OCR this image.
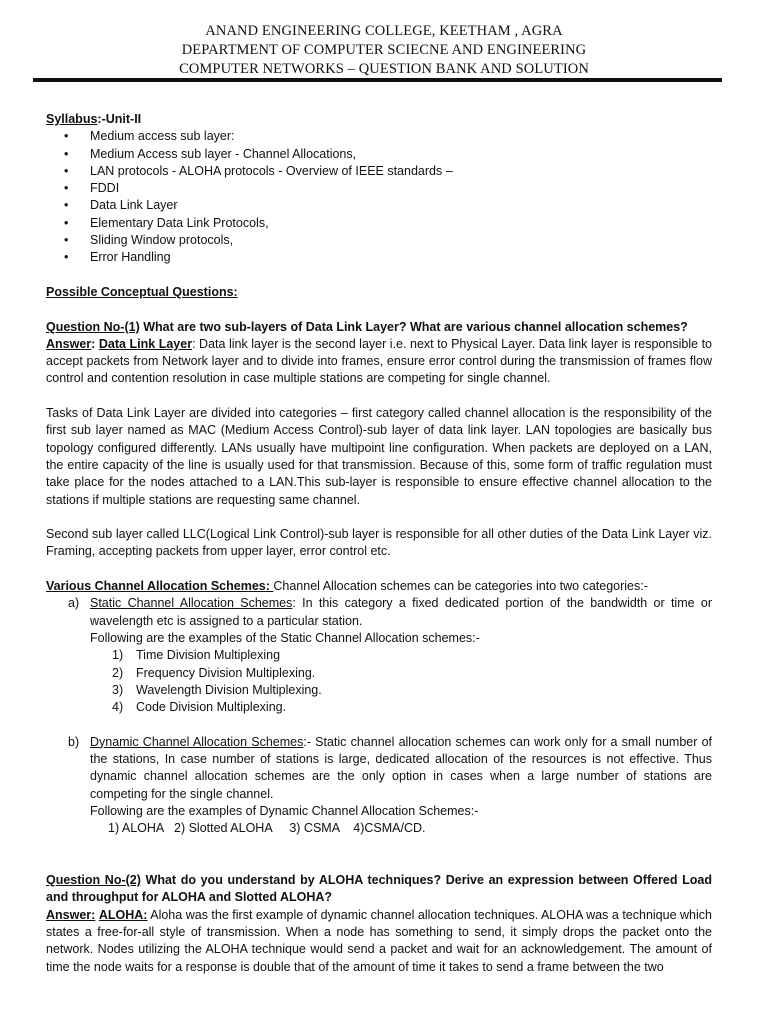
ANAND ENGINEERING COLLEGE, KEETHAM , AGRA
DEPARTMENT OF COMPUTER SCIECNE AND ENGINEERING
COMPUTER NETWORKS – QUESTION BANK AND SOLUTION

Syllabus:-Unit-II

• Medium access sub layer:
• Medium Access sub layer - Channel Allocations,
• LAN protocols - ALOHA protocols - Overview of IEEE standards –
• FDDI
• Data Link Layer
• Elementary Data Link Protocols,
• Sliding Window protocols,
• Error Handling

Possible Conceptual Questions:

Question No-(1) What are two sub-layers of Data Link Layer? What are various channel allocation schemes?

Answer: Data Link Layer: Data link layer is the second layer i.e. next to Physical Layer. Data link layer is responsible to accept packets from Network layer and to divide into frames, ensure error control during the transmission of frames flow control and contention resolution in case multiple stations are competing for single channel.

Tasks of Data Link Layer are divided into categories – first category called channel allocation is the responsibility of the first sub layer named as MAC (Medium Access Control)-sub layer of data link layer. LAN topologies are basically bus topology configured differently. LANs usually have multipoint line configuration. When packets are deployed on a LAN, the entire capacity of the line is usually used for that transmission. Because of this, some form of traffic regulation must take place for the nodes attached to a LAN.This sub-layer is responsible to ensure effective channel allocation to the stations if multiple stations are requesting same channel.

Second sub layer called LLC(Logical Link Control)-sub layer is responsible for all other duties of the Data Link Layer viz. Framing, accepting packets from upper layer, error control etc.

Various Channel Allocation Schemes: Channel Allocation schemes can be categories into two categories:-

a) Static Channel Allocation Schemes: In this category a fixed dedicated portion of the bandwidth or time or wavelength etc is assigned to a particular station.

Following are the examples of the Static Channel Allocation schemes:-

1) Time Division Multiplexing
2) Frequency Division Multiplexing.
3) Wavelength Division Multiplexing.
4) Code Division Multiplexing.
b) Dynamic Channel Allocation Schemes:- Static channel allocation schemes can work only for a small number of the stations, In case number of stations is large, dedicated allocation of the resources is not effective. Thus dynamic channel allocation schemes are the only option in cases when a large number of stations are competing for the single channel.

Following are the examples of Dynamic Channel Allocation Schemes:-

1) ALOHA   2) Slotted ALOHA     3) CSMA    4)CSMA/CD.

Question No-(2) What do you understand by ALOHA techniques? Derive an expression between Offered Load and throughput for ALOHA and Slotted ALOHA?

Answer: ALOHA: Aloha was the first example of dynamic channel allocation techniques. ALOHA was a technique which states a free-for-all style of transmission. When a node has something to send, it simply drops the packet onto the network. Nodes utilizing the ALOHA technique would send a packet and wait for an acknowledgement. The amount of time the node waits for a response is double that of the amount of time it takes to send a frame between the two
